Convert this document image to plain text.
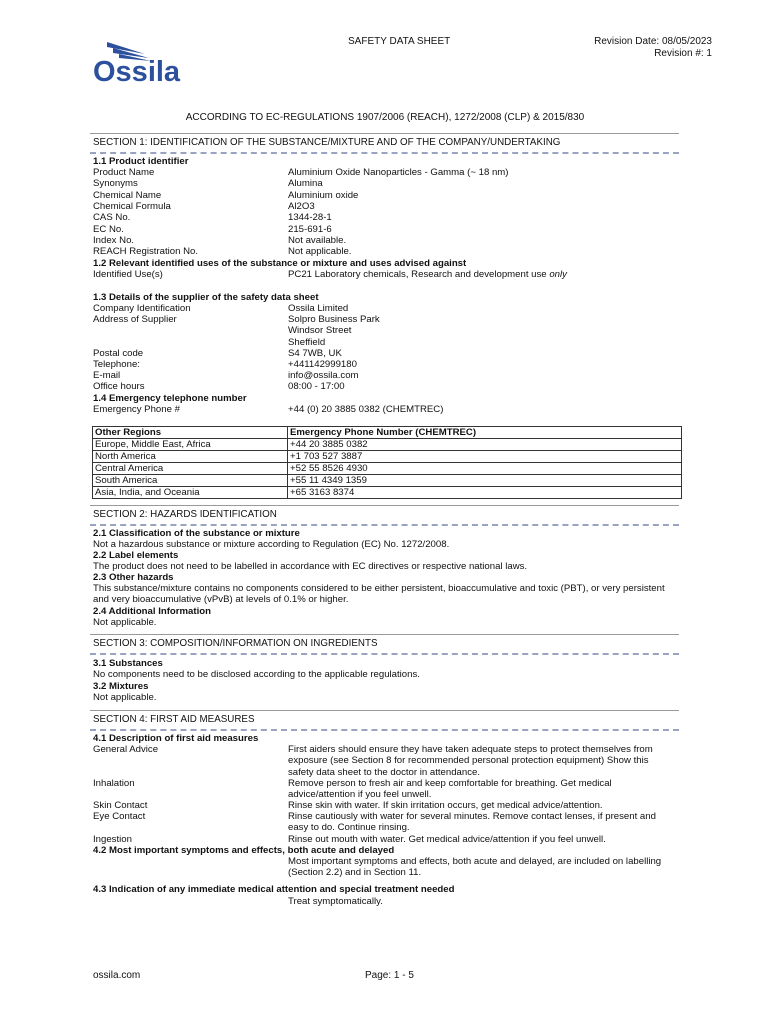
Ossila
SAFETY DATA SHEET	Revision Date: 08/05/2023
Revision #: 1
ACCORDING TO EC-REGULATIONS 1907/2006 (REACH), 1272/2008 (CLP) & 2015/830
SECTION 1: IDENTIFICATION OF THE SUBSTANCE/MIXTURE AND OF THE COMPANY/UNDERTAKING
1.1 Product identifier
Product Name	Aluminium Oxide Nanoparticles - Gamma (~ 18 nm)
Synonyms	Alumina
Chemical Name	Aluminium oxide
Chemical Formula	Al2O3
CAS No.	1344-28-1
EC No.	215-691-6
Index No.	Not available.
REACH Registration No.	Not applicable.
1.2 Relevant identified uses of the substance or mixture and uses advised against
Identified Use(s)	PC21 Laboratory chemicals, Research and development use only
1.3 Details of the supplier of the safety data sheet
Company Identification	Ossila Limited
Address of Supplier	Solpro Business Park
Windsor Street
Sheffield
Postal code	S4 7WB, UK
Telephone:	+441142999180
E-mail	info@ossila.com
Office hours	08:00 - 17:00
1.4 Emergency telephone number
Emergency Phone #	+44 (0) 20 3885 0382 (CHEMTREC)
Other Regions	Emergency Phone Number (CHEMTREC)
Europe, Middle East, Africa	+44 20 3885 0382
North America	+1 703 527 3887
Central America	+52 55 8526 4930
South America	+55 11 4349 1359
Asia, India, and Oceania	+65 3163 8374
SECTION 2: HAZARDS IDENTIFICATION
2.1 Classification of the substance or mixture
Not a hazardous substance or mixture according to Regulation (EC) No. 1272/2008.
2.2 Label elements
The product does not need to be labelled in accordance with EC directives or respective national laws.
2.3 Other hazards
This substance/mixture contains no components considered to be either persistent, bioaccumulative and toxic (PBT), or very persistent and very bioaccumulative (vPvB) at levels of 0.1% or higher.
2.4 Additional Information
Not applicable.
SECTION 3: COMPOSITION/INFORMATION ON INGREDIENTS
3.1 Substances
No components need to be disclosed according to the applicable regulations.
3.2 Mixtures
Not applicable.
SECTION 4: FIRST AID MEASURES
4.1 Description of first aid measures
General Advice	First aiders should ensure they have taken adequate steps to protect themselves from exposure (see Section 8 for recommended personal protection equipment) Show this safety data sheet to the doctor in attendance.
Inhalation	Remove person to fresh air and keep comfortable for breathing. Get medical advice/attention if you feel unwell.
Skin Contact	Rinse skin with water. If skin irritation occurs, get medical advice/attention.
Eye Contact	Rinse cautiously with water for several minutes. Remove contact lenses, if present and easy to do. Continue rinsing.
Ingestion	Rinse out mouth with water. Get medical advice/attention if you feel unwell.
4.2 Most important symptoms and effects, both acute and delayed
Most important symptoms and effects, both acute and delayed, are included on labelling (Section 2.2) and in Section 11.
4.3 Indication of any immediate medical attention and special treatment needed
Treat symptomatically.
ossila.com	Page: 1 - 5
